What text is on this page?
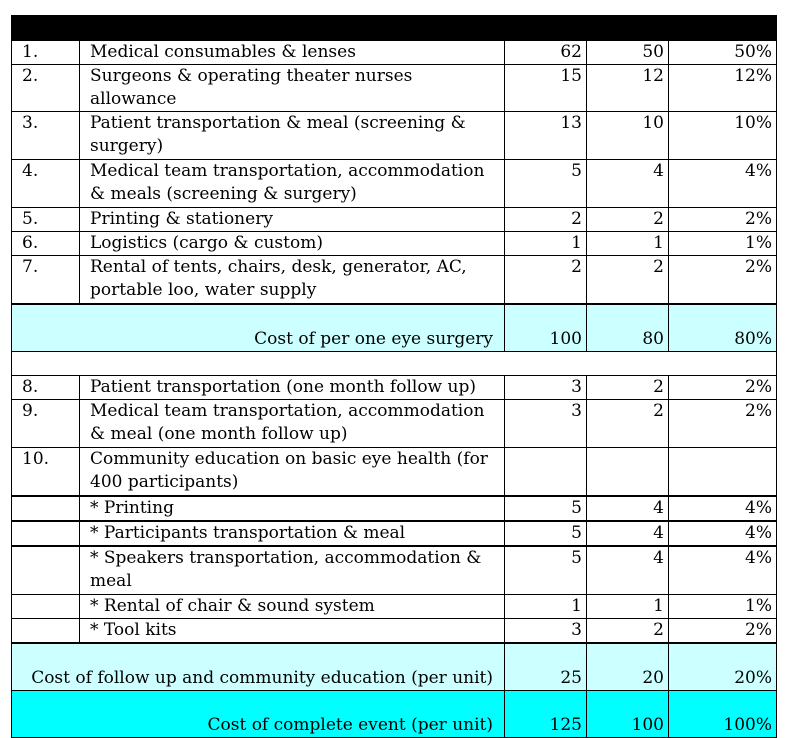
1.	Medical consumables & lenses	62	50	50%
2.	Surgeons & operating theater nurses allowance	15	12	12%
3.	Patient transportation & meal (screening & surgery)	13	10	10%
4.	Medical team transportation, accommodation & meals (screening & surgery)	5	4	4%
5.	Printing & stationery	2	2	2%
6.	Logistics (cargo & custom)	1	1	1%
7.	Rental of tents, chairs, desk, generator, AC, portable loo, water supply	2	2	2%
Cost of per one eye surgery		100	80	80%

8.	Patient transportation (one month follow up)	3	2	2%
9.	Medical team transportation, accommodation & meal (one month follow up)	3	2	2%
10.	Community education on basic eye health (for 400 participants)			
	* Printing	5	4	4%
	* Participants transportation & meal	5	4	4%
	* Speakers transportation, accommodation & meal	5	4	4%
	* Rental of chair & sound system	1	1	1%
	* Tool kits	3	2	2%
Cost of follow up and community education (per unit)		25	20	20%
Cost of complete event (per unit)		125	100	100%
